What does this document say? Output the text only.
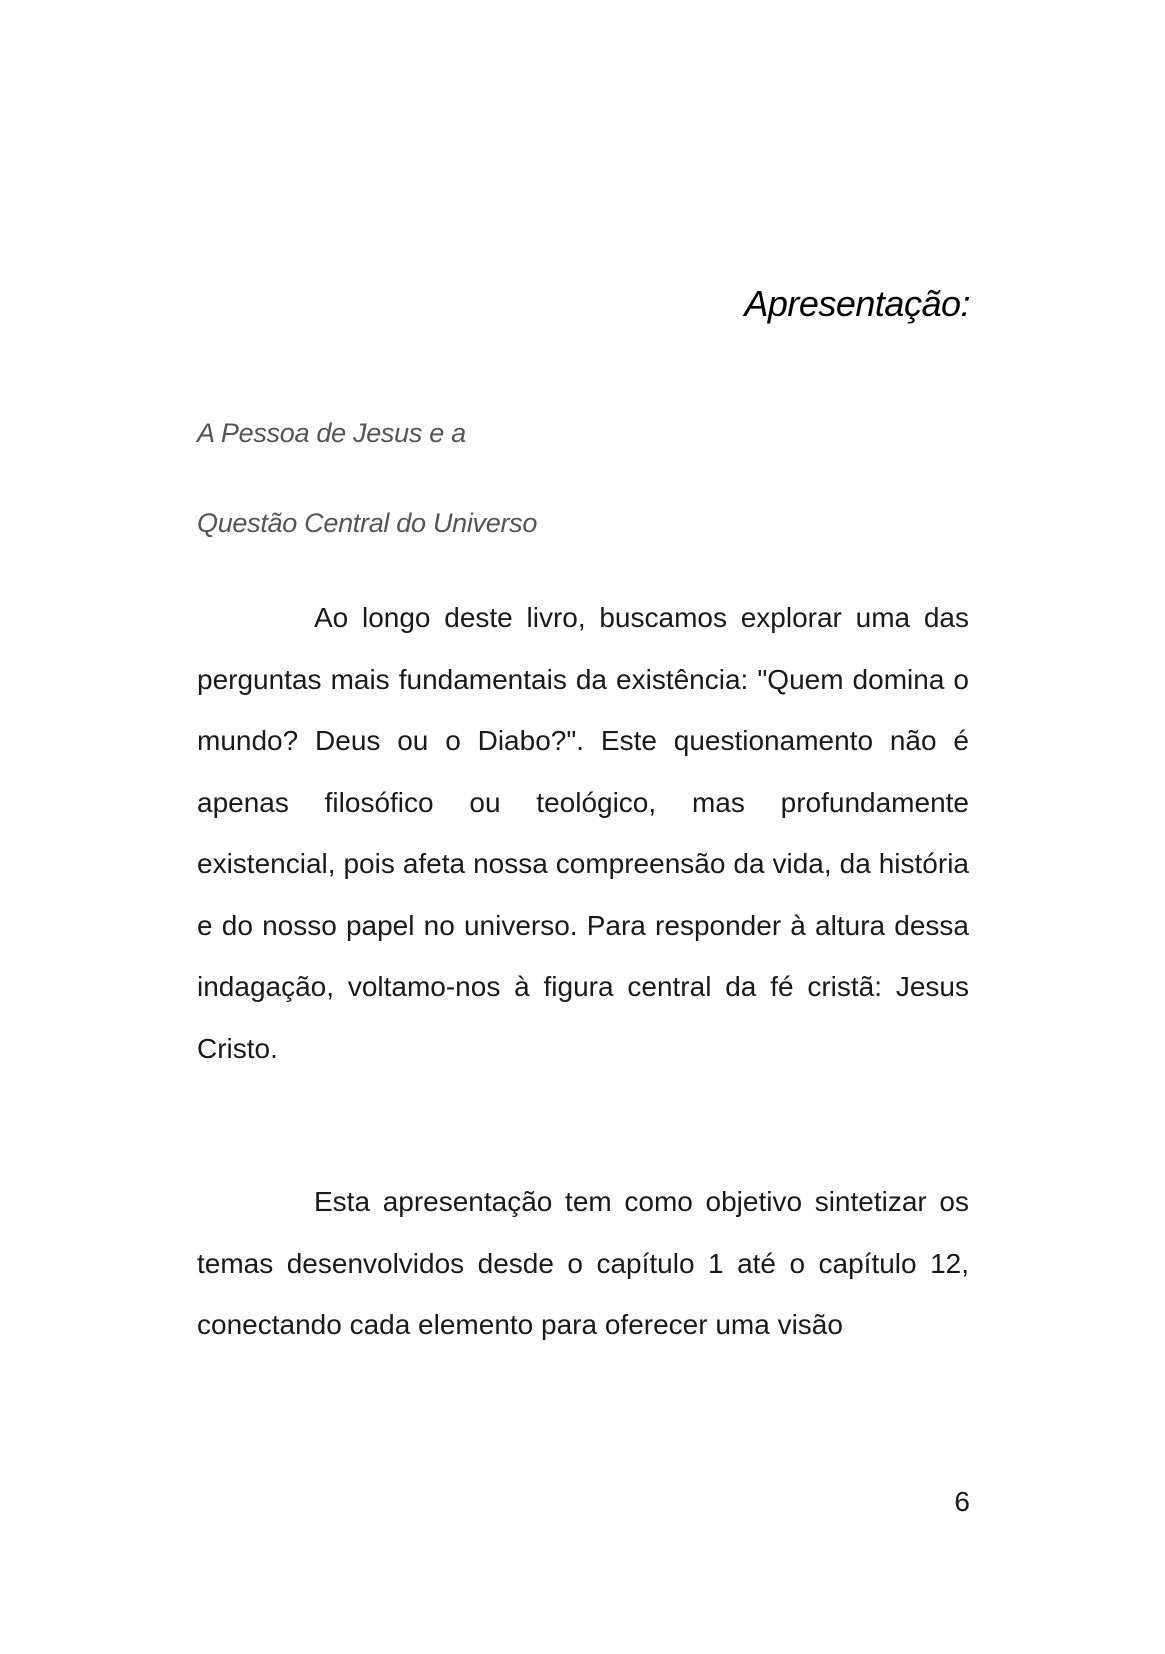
Apresentação:

A Pessoa de Jesus e a

Questão Central do Universo

Ao longo deste livro, buscamos explorar uma das perguntas mais fundamentais da existência: "Quem domina o mundo? Deus ou o Diabo?". Este questionamento não é apenas filosófico ou teológico, mas profundamente existencial, pois afeta nossa compreensão da vida, da história e do nosso papel no universo. Para responder à altura dessa indagação, voltamo-nos à figura central da fé cristã: Jesus Cristo.

Esta apresentação tem como objetivo sintetizar os temas desenvolvidos desde o capítulo 1 até o capítulo 12, conectando cada elemento para oferecer uma visão

6
